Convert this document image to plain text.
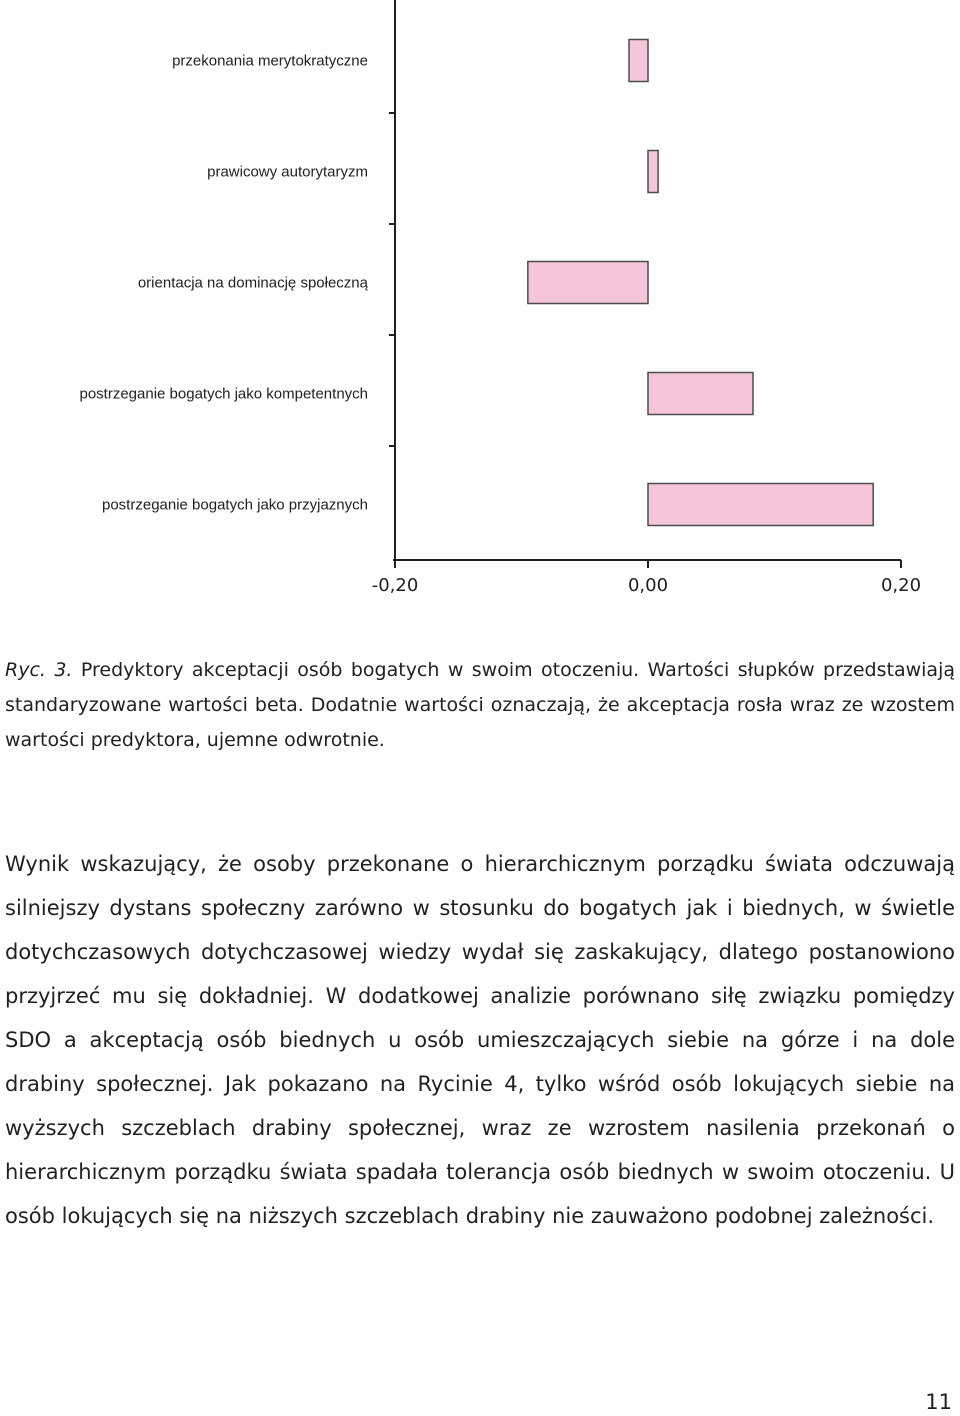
przekonania merytokratyczne
prawicowy autorytaryzm
orientacja na dominację społeczną
postrzeganie bogatych jako kompetentnych
postrzeganie bogatych jako przyjaznych
-0,20	0,00	0,20
Ryc. 3. Predyktory akceptacji osób bogatych w swoim otoczeniu. Wartości słupków przedstawiają standaryzowane wartości beta. Dodatnie wartości oznaczają, że akceptacja rosła wraz ze wzostem wartości predyktora, ujemne odwrotnie.

Wynik wskazujący, że osoby przekonane o hierarchicznym porządku świata odczuwają silniejszy dystans społeczny zarówno w stosunku do bogatych jak i biednych, w świetle dotychczasowych dotychczasowej wiedzy wydał się zaskakujący, dlatego postanowiono przyjrzeć mu się dokładniej. W dodatkowej analizie porównano siłę związku pomiędzy SDO a akceptacją osób biednych u osób umieszczających siebie na górze i na dole drabiny społecznej. Jak pokazano na Rycinie 4, tylko wśród osób lokujących siebie na wyższych szczeblach drabiny społecznej, wraz ze wzrostem nasilenia przekonań o hierarchicznym porządku świata spadała tolerancja osób biednych w swoim otoczeniu. U osób lokujących się na niższych szczeblach drabiny nie zauważono podobnej zależności.

11
